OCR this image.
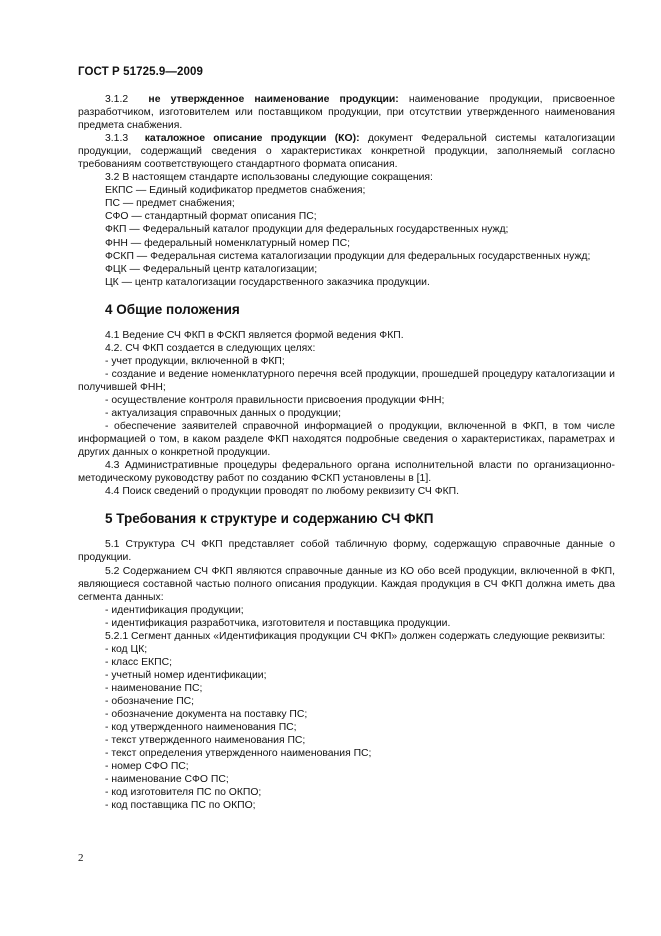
ГОСТ Р 51725.9—2009

3.1.2 не утвержденное наименование продукции: наименование продукции, присвоенное разработчиком, изготовителем или поставщиком продукции, при отсутствии утвержденного наименования предмета снабжения.

3.1.3 каталожное описание продукции (КО): документ Федеральной системы каталогизации продукции, содержащий сведения о характеристиках конкретной продукции, заполняемый согласно требованиям соответствующего стандартного формата описания.

3.2 В настоящем стандарте использованы следующие сокращения:

ЕКПС — Единый кодификатор предметов снабжения;

ПС — предмет снабжения;

СФО — стандартный формат описания ПС;

ФКП — Федеральный каталог продукции для федеральных государственных нужд;

ФНН — федеральный номенклатурный номер ПС;

ФСКП — Федеральная система каталогизации продукции для федеральных государственных нужд;

ФЦК — Федеральный центр каталогизации;

ЦК — центр каталогизации государственного заказчика продукции.

4 Общие положения

4.1 Ведение СЧ ФКП в ФСКП является формой ведения ФКП.

4.2. СЧ ФКП создается в следующих целях:

- учет продукции, включенной в ФКП;

- создание и ведение номенклатурного перечня всей продукции, прошедшей процедуру каталогизации и получившей ФНН;

- осуществление контроля правильности присвоения продукции ФНН;

- актуализация справочных данных о продукции;

- обеспечение заявителей справочной информацией о продукции, включенной в ФКП, в том числе информацией о том, в каком разделе ФКП находятся подробные сведения о характеристиках, параметрах и других данных о конкретной продукции.

4.3 Административные процедуры федерального органа исполнительной власти по организационно-методическому руководству работ по созданию ФСКП установлены в [1].

4.4 Поиск сведений о продукции проводят по любому реквизиту СЧ ФКП.

5 Требования к структуре и содержанию СЧ ФКП

5.1 Структура СЧ ФКП представляет собой табличную форму, содержащую справочные данные о продукции.

5.2 Содержанием СЧ ФКП являются справочные данные из КО обо всей продукции, включенной в ФКП, являющиеся составной частью полного описания продукции. Каждая продукция в СЧ ФКП должна иметь два сегмента данных:

- идентификация продукции;

- идентификация разработчика, изготовителя и поставщика продукции.

5.2.1 Сегмент данных «Идентификация продукции СЧ ФКП» должен содержать следующие реквизиты:

- код ЦК;

- класс ЕКПС;

- учетный номер идентификации;

- наименование ПС;

- обозначение ПС;

- обозначение документа на поставку ПС;

- код утвержденного наименования ПС;

- текст утвержденного наименования ПС;

- текст определения утвержденного наименования ПС;

- номер СФО ПС;

- наименование СФО ПС;

- код изготовителя ПС по ОКПО;

- код поставщика ПС по ОКПО;

2
